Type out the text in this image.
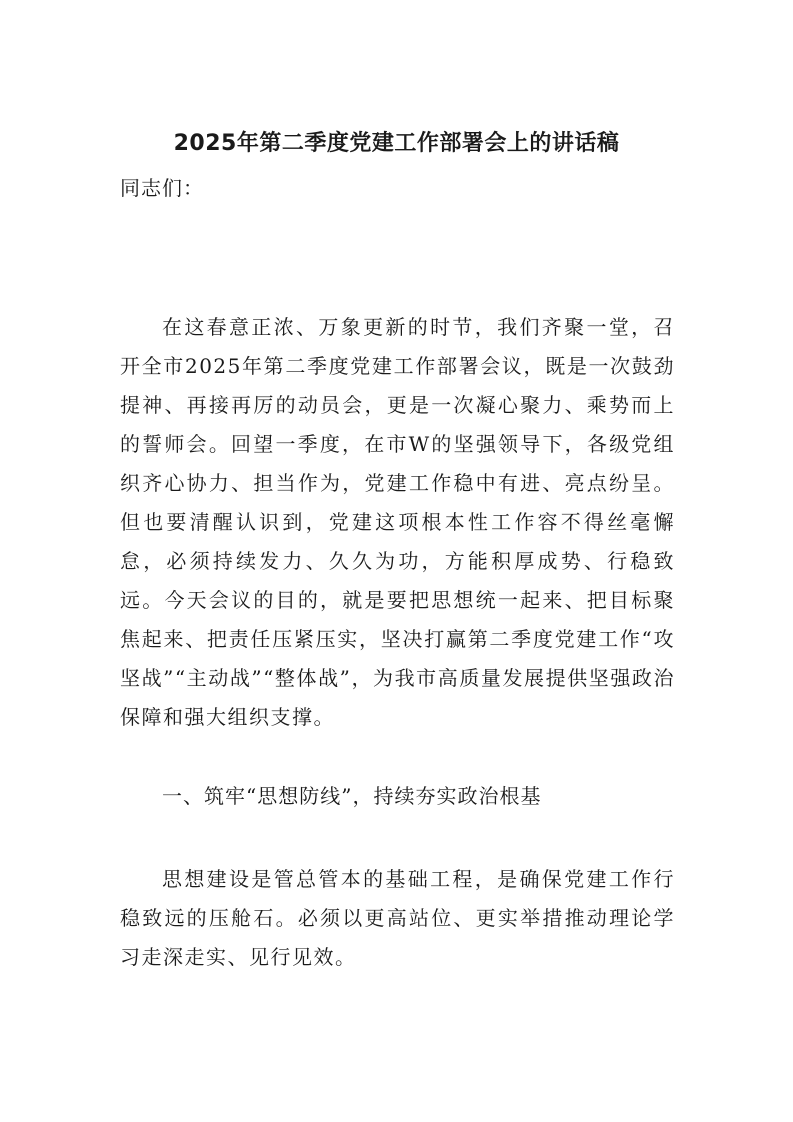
2025年第二季度党建工作部署会上的讲话稿

同志们：

在这春意正浓、万象更新的时节，我们齐聚一堂，召开全市2025年第二季度党建工作部署会议，既是一次鼓劲提神、再接再厉的动员会，更是一次凝心聚力、乘势而上的誓师会。回望一季度，在市W的坚强领导下，各级党组织齐心协力、担当作为，党建工作稳中有进、亮点纷呈。但也要清醒认识到，党建这项根本性工作容不得丝毫懈怠，必须持续发力、久久为功，方能积厚成势、行稳致远。今天会议的目的，就是要把思想统一起来、把目标聚焦起来、把责任压紧压实，坚决打赢第二季度党建工作“攻坚战”“主动战”“整体战”，为我市高质量发展提供坚强政治保障和强大组织支撑。

一、筑牢“思想防线”，持续夯实政治根基

思想建设是管总管本的基础工程，是确保党建工作行稳致远的压舱石。必须以更高站位、更实举措推动理论学习走深走实、见行见效。
